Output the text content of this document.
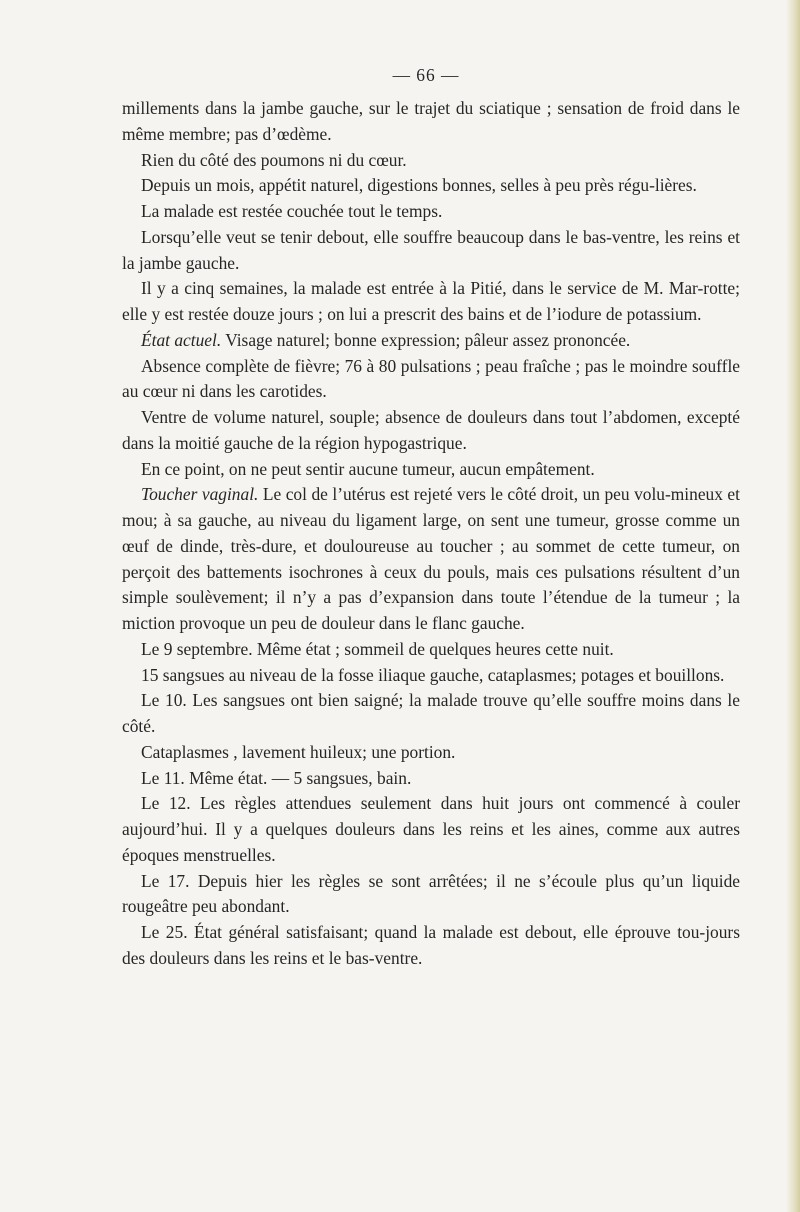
— 66 —

millements dans la jambe gauche, sur le trajet du sciatique ; sensation de froid dans le même membre; pas d’œdème.

Rien du côté des poumons ni du cœur.

Depuis un mois, appétit naturel, digestions bonnes, selles à peu près régu-lières.

La malade est restée couchée tout le temps.

Lorsqu’elle veut se tenir debout, elle souffre beaucoup dans le bas-ventre, les reins et la jambe gauche.

Il y a cinq semaines, la malade est entrée à la Pitié, dans le service de M. Mar-rotte; elle y est restée douze jours ; on lui a prescrit des bains et de l’iodure de potassium.

État actuel. Visage naturel; bonne expression; pâleur assez prononcée.

Absence complète de fièvre; 76 à 80 pulsations ; peau fraîche ; pas le moindre souffle au cœur ni dans les carotides.

Ventre de volume naturel, souple; absence de douleurs dans tout l’abdomen, excepté dans la moitié gauche de la région hypogastrique.

En ce point, on ne peut sentir aucune tumeur, aucun empâtement.

Toucher vaginal. Le col de l’utérus est rejeté vers le côté droit, un peu volu-mineux et mou; à sa gauche, au niveau du ligament large, on sent une tumeur, grosse comme un œuf de dinde, très-dure, et douloureuse au toucher ; au sommet de cette tumeur, on perçoit des battements isochrones à ceux du pouls, mais ces pulsations résultent d’un simple soulèvement; il n’y a pas d’expansion dans toute l’étendue de la tumeur ; la miction provoque un peu de douleur dans le flanc gauche.

Le 9 septembre. Même état ; sommeil de quelques heures cette nuit.

15 sangsues au niveau de la fosse iliaque gauche, cataplasmes; potages et bouillons.

Le 10. Les sangsues ont bien saigné; la malade trouve qu’elle souffre moins dans le côté.

Cataplasmes , lavement huileux; une portion.

Le 11. Même état. — 5 sangsues, bain.

Le 12. Les règles attendues seulement dans huit jours ont commencé à couler aujourd’hui. Il y a quelques douleurs dans les reins et les aines, comme aux autres époques menstruelles.

Le 17. Depuis hier les règles se sont arrêtées; il ne s’écoule plus qu’un liquide rougeâtre peu abondant.

Le 25. État général satisfaisant; quand la malade est debout, elle éprouve tou-jours des douleurs dans les reins et le bas-ventre.
